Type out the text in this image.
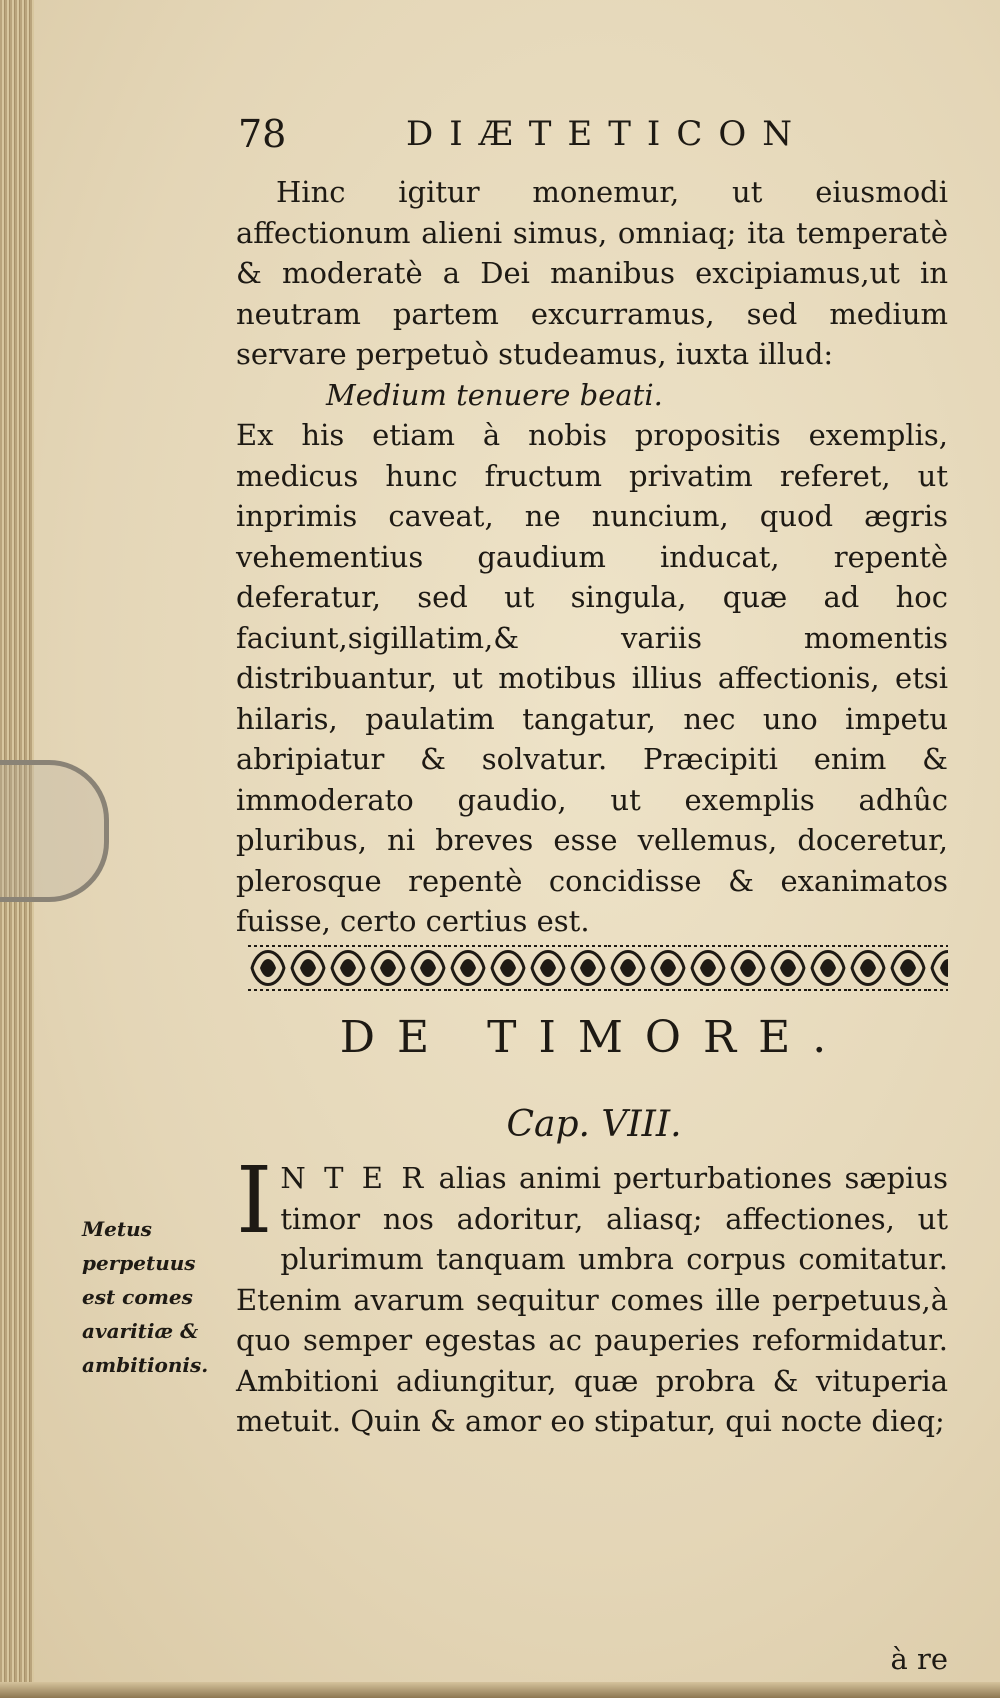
78	DIÆTETICON

Hinc igitur monemur, ut eiusmodi affectionum alieni simus, omniaq; ita temperatè & moderatè a Dei manibus excipiamus,ut in neutram partem excurramus, sed medium servare perpetuò studeamus, iuxta illud:

Medium tenuere beati.

Ex his etiam à nobis propositis exemplis, medicus hunc fructum privatim referet, ut inprimis caveat, ne nuncium, quod ægris vehementius gaudium inducat, repentè deferatur, sed ut singula, quæ ad hoc faciunt,sigillatim,& variis momentis distribuantur, ut motibus illius affectionis, etsi hilaris, paulatim tangatur, nec uno impetu abripiatur & solvatur. Præcipiti enim & immoderato gaudio, ut exemplis adhûc pluribus, ni breves esse vellemus, doceretur, plerosque repentè concidisse & exanimatos fuisse, certo certius est.

DE TIMORE.
Cap. VIII.
Metus perpetuus est comes avaritiæ & ambitionis.
I N T E R alias animi perturbationes sæpius timor nos adoritur, aliasq; affectiones, ut plurimum tanquam umbra corpus comitatur. Etenim avarum sequitur comes ille perpetuus,à quo semper egestas ac pauperies reformidatur. Ambitioni adiungitur, quæ probra & vituperia metuit. Quin & amor eo stipatur, qui nocte dieq;

à re
